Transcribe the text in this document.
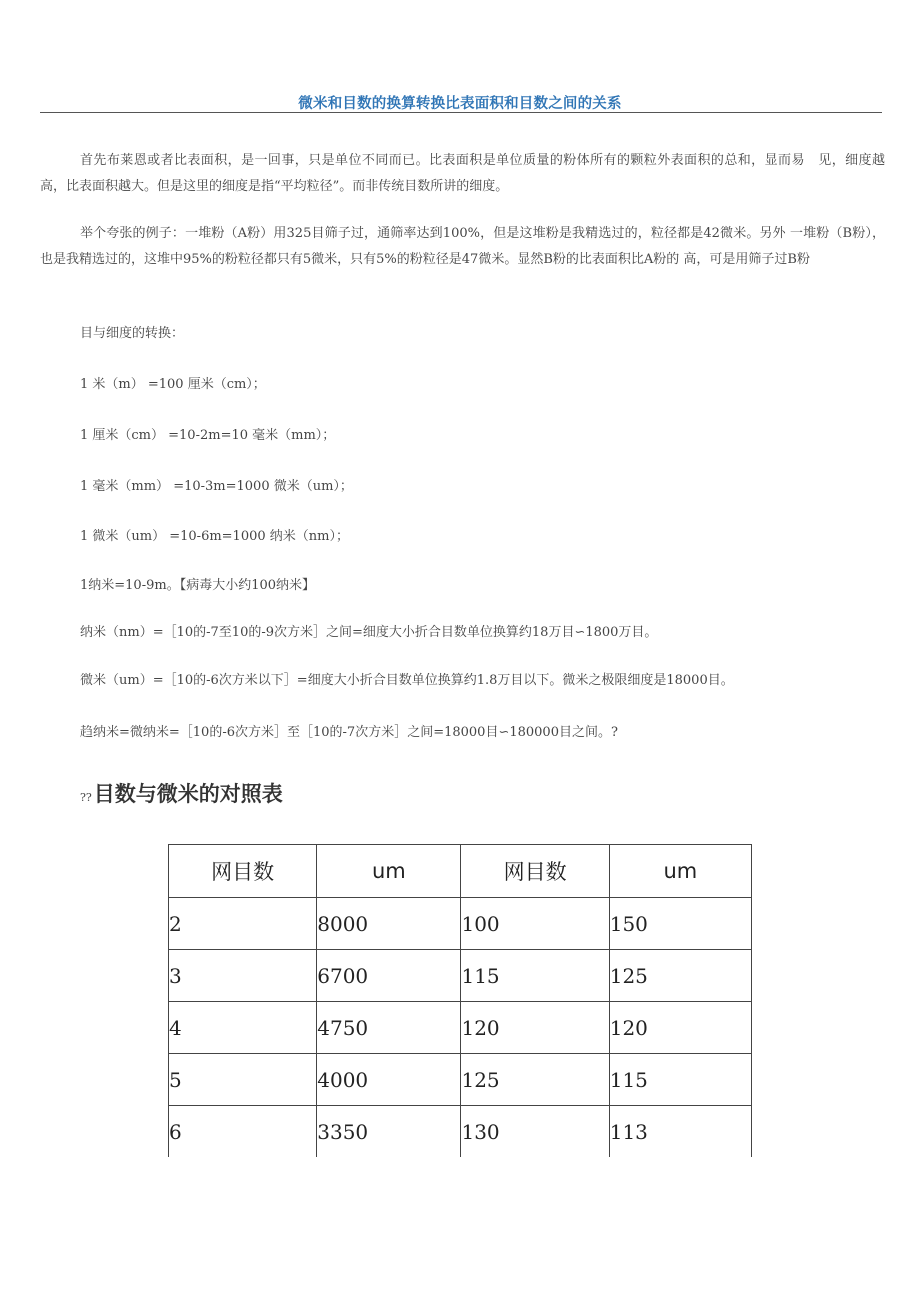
微米和目数的换算转换比表面积和目数之间的关系

首先布莱恩或者比表面积，是一回事，只是单位不同而已。比表面积是单位质量的粉体所有的颗粒外表面积的总和，显而易　见，细度越高，比表面积越大。但是这里的细度是指“平均粒径”。而非传统目数所讲的细度。

举个夸张的例子：一堆粉（A粉）用325目筛子过，通筛率达到100%，但是这堆粉是我精选过的，粒径都是42微米。另外 一堆粉（B粉），也是我精选过的，这堆中95%的粉粒径都只有5微米，只有5%的粉粒径是47微米。显然B粉的比表面积比A粉的 高，可是用筛子过B粉

目与细度的转换：

1 米（m） =100 厘米（cm）；

1 厘米（cm） =10-2m=10 毫米（mm）；

1 毫米（mm） =10-3m=1000 微米（um）；

1 微米（um） =10-6m=1000 纳米（nm）；

1纳米=10-9m。【病毒大小约100纳米】

纳米（nm）=［10的-7至10的-9次方米］之间=细度大小折合目数单位换算约18万目∽1800万目。

微米（um）=［10的-6次方米以下］=细度大小折合目数单位换算约1.8万目以下。微米之极限细度是18000目。

趋纳米=微纳米=［10的-6次方米］至［10的-7次方米］之间=18000目∽180000目之间。?

??目数与微米的对照表
网目数	um	网目数	um
2	8000	100	150
3	6700	115	125
4	4750	120	120
5	4000	125	115
6	3350	130	113
